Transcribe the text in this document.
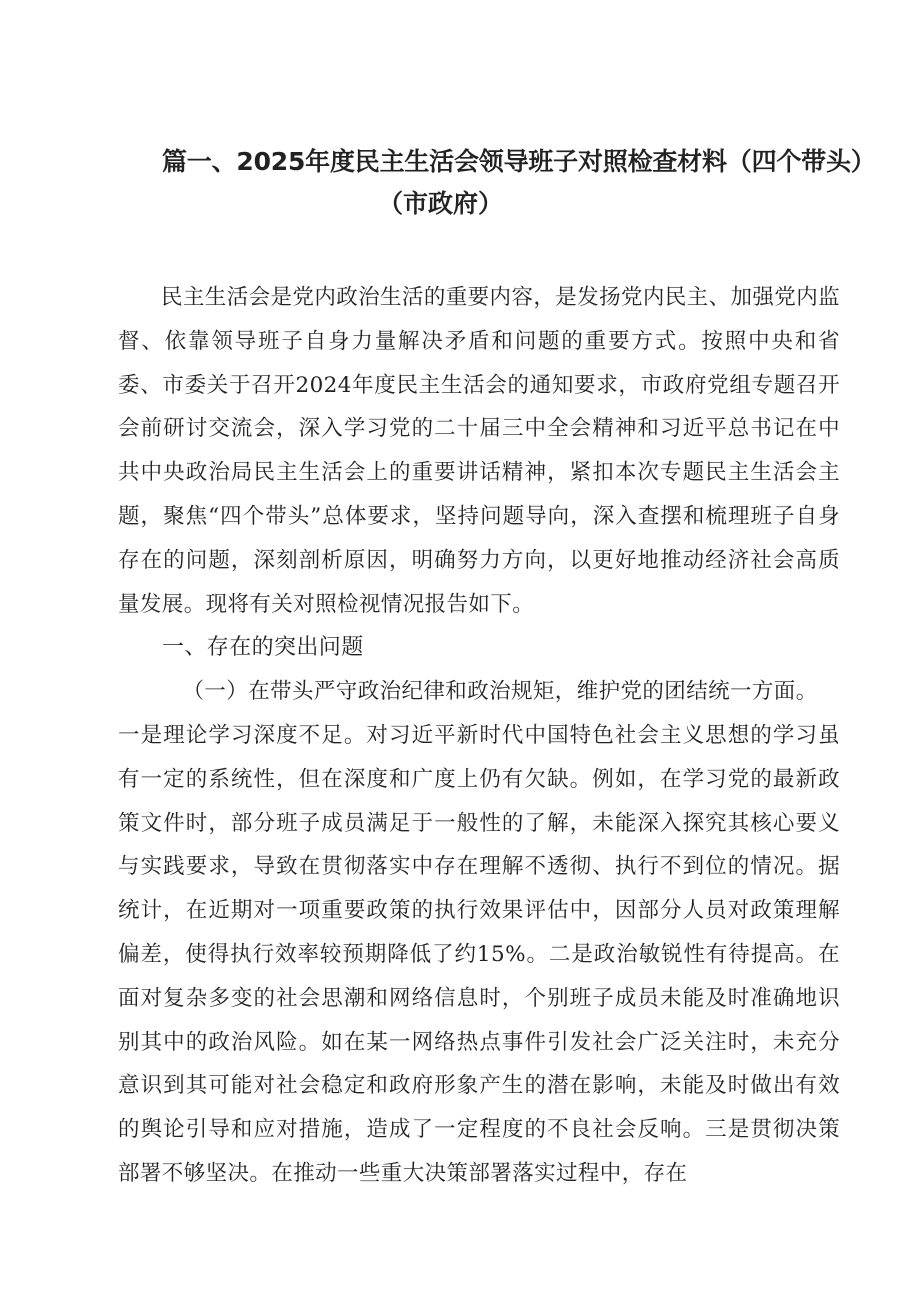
篇一、2025年度民主生活会领导班子对照检查材料（四个带头）
（市政府）

民主生活会是党内政治生活的重要内容，是发扬党内民主、加强党内监督、依靠领导班子自身力量解决矛盾和问题的重要方式。按照中央和省委、市委关于召开2024年度民主生活会的通知要求，市政府党组专题召开会前研讨交流会，深入学习党的二十届三中全会精神和习近平总书记在中共中央政治局民主生活会上的重要讲话精神，紧扣本次专题民主生活会主题，聚焦“四个带头”总体要求，坚持问题导向，深入查摆和梳理班子自身存在的问题，深刻剖析原因，明确努力方向，以更好地推动经济社会高质量发展。现将有关对照检视情况报告如下。

一、存在的突出问题

（一）在带头严守政治纪律和政治规矩，维护党的团结统一方面。

一是理论学习深度不足。对习近平新时代中国特色社会主义思想的学习虽有一定的系统性，但在深度和广度上仍有欠缺。例如，在学习党的最新政策文件时，部分班子成员满足于一般性的了解，未能深入探究其核心要义与实践要求，导致在贯彻落实中存在理解不透彻、执行不到位的情况。据统计，在近期对一项重要政策的执行效果评估中，因部分人员对政策理解偏差，使得执行效率较预期降低了约15%。二是政治敏锐性有待提高。在面对复杂多变的社会思潮和网络信息时，个别班子成员未能及时准确地识别其中的政治风险。如在某一网络热点事件引发社会广泛关注时，未充分意识到其可能对社会稳定和政府形象产生的潜在影响，未能及时做出有效的舆论引导和应对措施，造成了一定程度的不良社会反响。三是贯彻决策部署不够坚决。在推动一些重大决策部署落实过程中，存在
